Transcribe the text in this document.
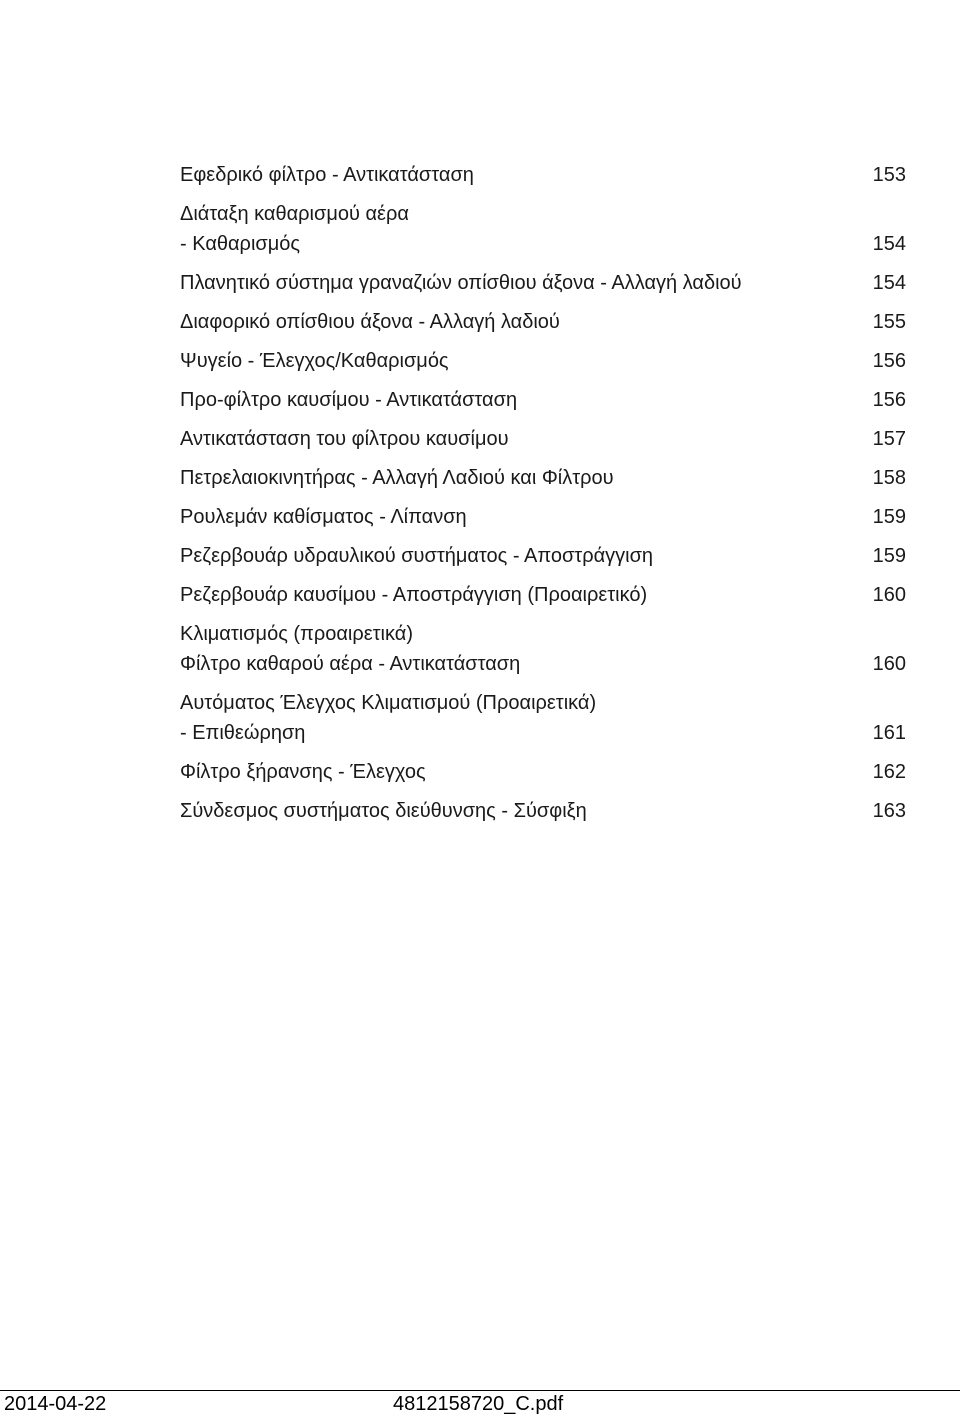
Εφεδρικό φίλτρο - Αντικατάσταση	153
Διάταξη καθαρισμού αέρα
- Καθαρισμός	154
Πλανητικό σύστημα γραναζιών οπίσθιου άξονα - Αλλαγή λαδιού	154
Διαφορικό οπίσθιου άξονα - Αλλαγή λαδιού	155
Ψυγείο - Έλεγχος/Καθαρισμός	156
Προ-φίλτρο καυσίμου - Αντικατάσταση	156
Αντικατάσταση του φίλτρου καυσίμου	157
Πετρελαιοκινητήρας - Αλλαγή Λαδιού και Φίλτρου	158
Ρουλεμάν καθίσματος - Λίπανση	159
Ρεζερβουάρ υδραυλικού συστήματος - Αποστράγγιση	159
Ρεζερβουάρ καυσίμου - Αποστράγγιση (Προαιρετικό)	160
Κλιματισμός (προαιρετικά)
Φίλτρο καθαρού αέρα - Αντικατάσταση	160
Αυτόματος Έλεγχος Κλιματισμού (Προαιρετικά)
- Επιθεώρηση	161
Φίλτρο ξήρανσης - Έλεγχος	162
Σύνδεσμος συστήματος διεύθυνσης - Σύσφιξη	163
2014-04-22	4812158720_C.pdf
